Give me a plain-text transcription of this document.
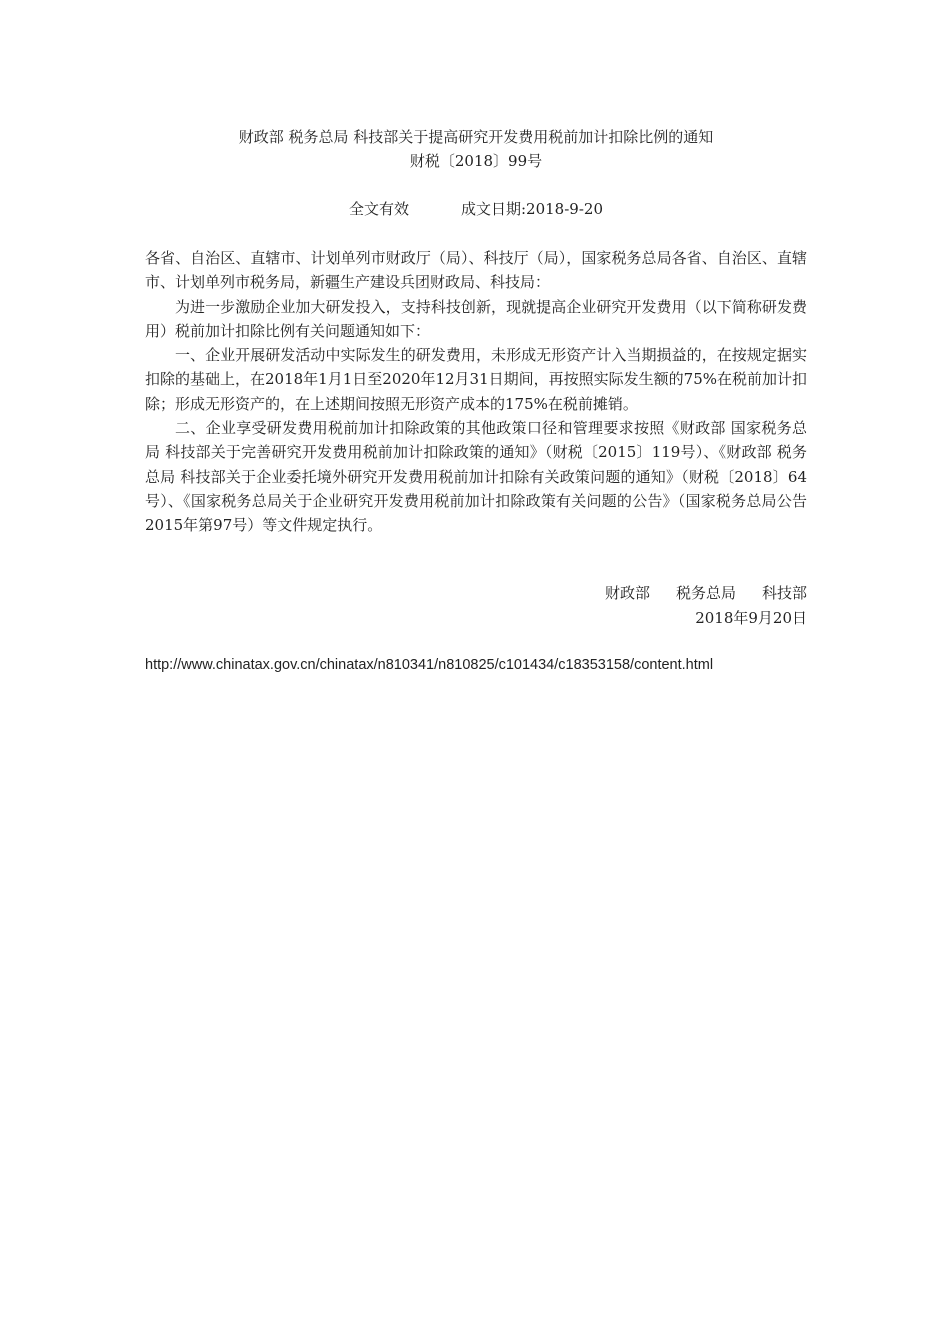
财政部 税务总局 科技部关于提高研究开发费用税前加计扣除比例的通知
财税〔2018〕99号
全文有效	成文日期:2018-9-20

各省、自治区、直辖市、计划单列市财政厅（局）、科技厅（局），国家税务总局各省、自治区、直辖市、计划单列市税务局，新疆生产建设兵团财政局、科技局：

为进一步激励企业加大研发投入，支持科技创新，现就提高企业研究开发费用（以下简称研发费用）税前加计扣除比例有关问题通知如下：

一、企业开展研发活动中实际发生的研发费用，未形成无形资产计入当期损益的，在按规定据实扣除的基础上，在2018年1月1日至2020年12月31日期间，再按照实际发生额的75%在税前加计扣除；形成无形资产的，在上述期间按照无形资产成本的175%在税前摊销。

二、企业享受研发费用税前加计扣除政策的其他政策口径和管理要求按照《财政部 国家税务总局 科技部关于完善研究开发费用税前加计扣除政策的通知》（财税〔2015〕119号）、《财政部 税务总局 科技部关于企业委托境外研究开发费用税前加计扣除有关政策问题的通知》（财税〔2018〕64号）、《国家税务总局关于企业研究开发费用税前加计扣除政策有关问题的公告》（国家税务总局公告2015年第97号）等文件规定执行。

财政部 税务总局 科技部
2018年9月20日
http://www.chinatax.gov.cn/chinatax/n810341/n810825/c101434/c18353158/content.html
